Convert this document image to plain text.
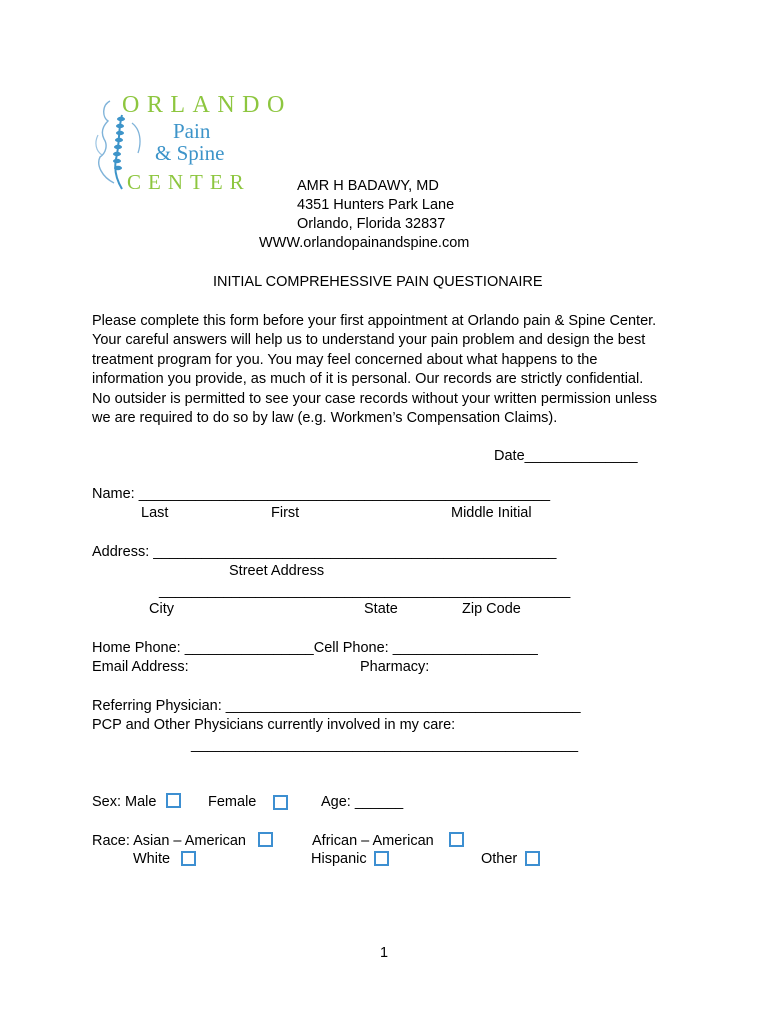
ORLANDO
Pain
& Spine
CENTER	AMR H BADAWY, MD
4351 Hunters Park Lane
Orlando, Florida 32837
WWW.orlandopainandspine.com
INITIAL COMPREHESSIVE PAIN QUESTIONAIRE
Please complete this form before your first appointment at Orlando pain & Spine Center.
Your careful answers will help us to understand your pain problem and design the best
treatment program for you. You may feel concerned about what happens to the
information you provide, as much of it is personal. Our records are strictly confidential.
No outsider is permitted to see your case records without your written permission unless
we are required to do so by law (e.g. Workmen’s Compensation Claims).
Date______________
Name: ___________________________________________________
Last	First	Middle Initial
Address: __________________________________________________
Street Address
___________________________________________________
City	State	Zip Code
Home Phone: ________________Cell Phone: __________________
Email Address:	Pharmacy:
Referring Physician: ____________________________________________
PCP and Other Physicians currently involved in my care:
________________________________________________
Sex: Male	Female	Age: ______
Race: Asian – American	African – American
White	Hispanic	Other
1
